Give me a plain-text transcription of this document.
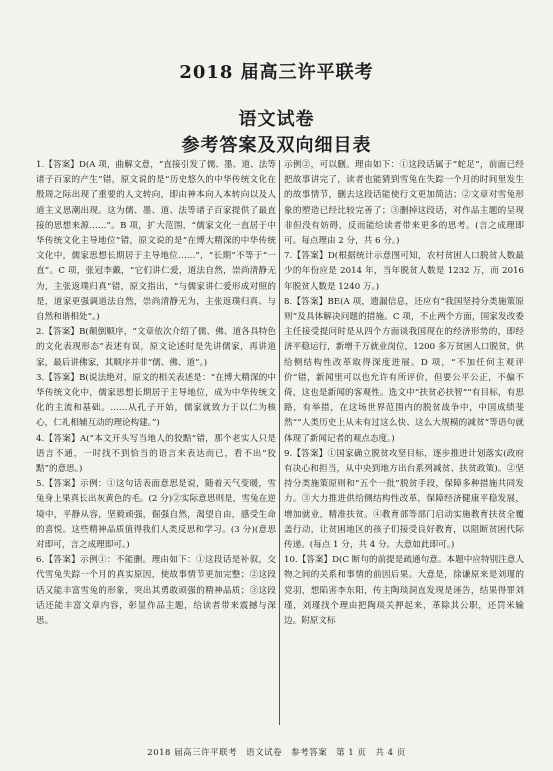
2018 届高三许平联考
语文试卷
参考答案及双向细目表

1.【答案】D(A 项，曲解文意，“直接引发了儒、墨、道、法等诸子百家的产生”错，原文说的是“历史悠久的中华传统文化在殷周之际出现了重要的人文转向，即由神本向人本转向以及人道主义思潮出现。这为儒、墨、道、法等诸子百家提供了最直接的思想来源……”。B 项，扩大范围，“儒家文化一直居于中华传统文化主导地位”错，原文说的是“在博大精深的中华传统文化中，儒家思想长期居于主导地位……”，“长期”不等于“一直”。C 项，张冠李戴，“它们讲仁爱，道法自然，崇尚清静无为，主张返璞归真”错，原文指出，“与儒家讲仁爱形成对照的是，道家更强调道法自然，崇尚清静无为，主张返璞归真、与自然和谐相处”。)

2.【答案】B(颠倒顺序，“文章依次介绍了儒、佛、道各具特色的文化表现形态”表述有误，原文论述时是先讲儒家，再讲道家，最后讲佛家，其顺序并非“儒、佛、道”。)

3.【答案】B(说法绝对，原文的相关表述是：“在博大精深的中华传统文化中，儒家思想长期居于主导地位，成为中华传统文化的主流和基础。……从孔子开始，儒家就致力于以仁为核心，仁礼相辅互动的理论构建。”)

4.【答案】A(“本文开头写当地人的狡黠”错，那个老实人只是语言不通，一时找不到恰当的语言来表达而已，看不出“狡黠”的意思。)

5.【答案】示例：①这句话表面意思是说，随着天气变暖，雪兔身上果真长出灰黄色的毛。(2 分)②实际意思则是，雪兔在逆境中，平静从容，坚毅顽强，倔强自然，渴望自由，感受生命的喜悦。这些精神品质值得我们人类反思和学习。(3 分)(意思对即可，言之成理即可。)

6.【答案】示例①：不能删。理由如下：①这段话是补叙，交代雪兔失踪一个月的真实原因，使故事情节更加完整；②这段话又能丰富雪兔的形象，突出其勇敢顽强的精神品质；③这段话还能丰富文章内容，彰显作品主题，给读者带来震撼与深思。

示例②，可以删。理由如下：①这段话属于“蛇足”，前面已经把故事讲完了，读者也能猜到雪兔在失踪一个月的时间里发生的故事情节，删去这段话能使行文更加简洁；②文章对雪兔形象的塑造已经比较完善了；③删掉这段话，对作品主题的呈现非但没有妨碍，反而能给读者带来更多的思考。(言之成理即可。每点理由 2 分，共 6 分。)

7.【答案】D(根据统计示意图可知，农村贫困人口脱贫人数最少的年份应是 2014 年，当年脱贫人数是 1232 万，而 2016 年脱贫人数是 1240 万。)

8.【答案】BE(A 项，遗漏信息，还应有“我国坚持分类施策原则”及具体解决问题的措施。C 项，不止两个方面，国家发改委主任接受提问时是从四个方面谈我国现在的经济形势的，即经济平稳运行，新增千万就业岗位，1200 多万贫困人口脱贫，供给侧结构性改革取得深度进展。D 项，“不加任何主观评价”错，新闻里可以也允许有所评价，但要公平公正，不偏不倚，这也是新闻的客观性。选文中“扶贫必扶智”“有目标，有思路，有举措，在这场世界范围内的脱贫战争中，中国成绩斐然”“人类历史上从未有过这么快、这么大规模的减贫”等语句就体现了新闻记者的观点态度。)

9.【答案】①国家确立脱贫攻坚目标，逐步推进计划落实(政府有决心和担当，从中央到地方出台系列减贫、扶贫政策)。②坚持分类施策原则和“五个一批”脱贫手段，保障多种措施共同发力。③大力推进供给侧结构性改革，保障经济健康平稳发展，增加就业，精准扶贫。④教育部等部门启动实施教育扶贫全覆盖行动，让贫困地区的孩子们接受良好教育，以阻断贫困代际传递。(每点 1 分，共 4 分。大意如此即可。)

10.【答案】D(C 断句的前提是疏通句意。本题中应特别注意人物之间的关系和事情的前因后果。大意是，徐谦原来是刘瑾的党羽，想陷害李东阳，传主陶琰洞直发现是诬告，结果得罪刘瑾，刘瑾找个理由把陶琰关押起来，革除其公职，还罚米输边。附原文标

2018 届高三许平联考　语文试卷　参考答案　第 1 页　共 4 页
